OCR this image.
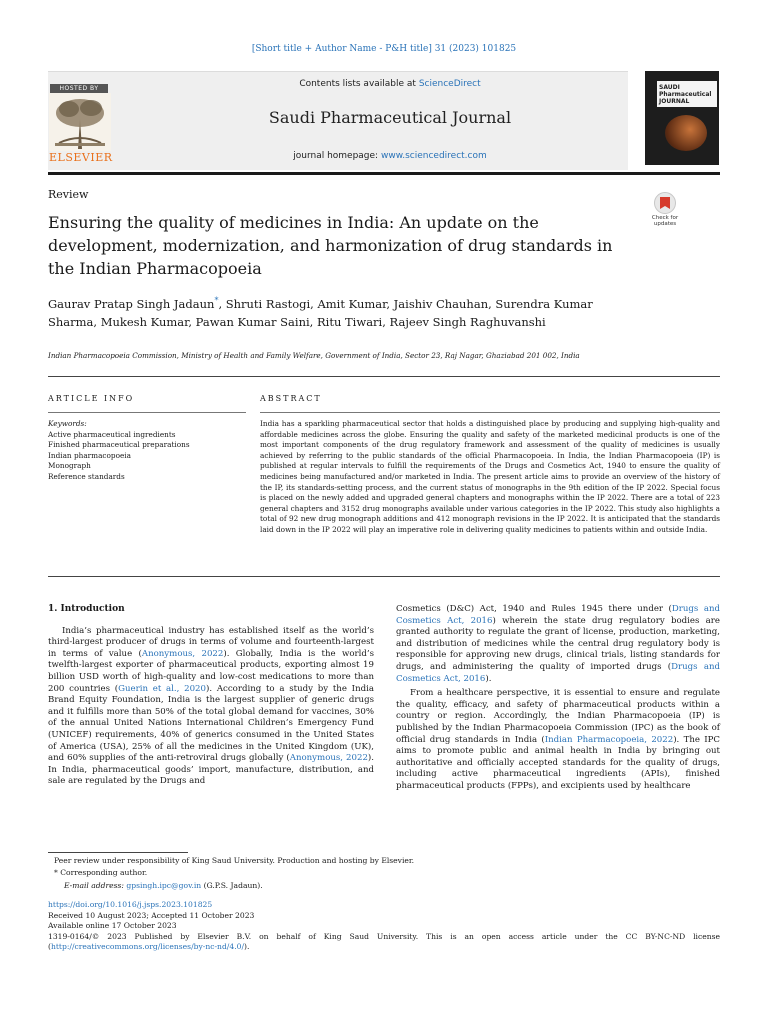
[Short title + Author Name - P&H title] 31 (2023) 101825
HOSTED BY
ELSEVIER
Contents lists available at ScienceDirect
Saudi Pharmaceutical Journal
journal homepage: www.sciencedirect.com
SAUDI Pharmaceutical JOURNAL
Review
Ensuring the quality of medicines in India: An update on the development, modernization, and harmonization of drug standards in the Indian Pharmacopoeia
Check for updates
Gaurav Pratap Singh Jadaun*, Shruti Rastogi, Amit Kumar, Jaishiv Chauhan, Surendra Kumar Sharma, Mukesh Kumar, Pawan Kumar Saini, Ritu Tiwari, Rajeev Singh Raghuvanshi
Indian Pharmacopoeia Commission, Ministry of Health and Family Welfare, Government of India, Sector 23, Raj Nagar, Ghaziabad 201 002, India
ARTICLE INFO	ABSTRACT
Keywords:
Active pharmaceutical ingredients
Finished pharmaceutical preparations
Indian pharmacopoeia
Monograph
Reference standards
India has a sparkling pharmaceutical sector that holds a distinguished place by producing and supplying high-quality and affordable medicines across the globe. Ensuring the quality and safety of the marketed medicinal products is one of the most important components of the drug regulatory framework and assessment of the quality of medicines is usually achieved by referring to the public standards of the official Pharmacopoeia. In India, the Indian Pharmacopoeia (IP) is published at regular intervals to fulfill the requirements of the Drugs and Cosmetics Act, 1940 to ensure the quality of medicines being manufactured and/or marketed in India. The present article aims to provide an overview of the history of the IP, its standards-setting process, and the current status of monographs in the 9th edition of the IP 2022. Special focus is placed on the newly added and upgraded general chapters and monographs within the IP 2022. There are a total of 223 general chapters and 3152 drug monographs available under various categories in the IP 2022. This study also highlights a total of 92 new drug monograph additions and 412 monograph revisions in the IP 2022. It is anticipated that the standards laid down in the IP 2022 will play an imperative role in delivering quality medicines to patients within and outside India.
1. Introduction

India’s pharmaceutical industry has established itself as the world’s third-largest producer of drugs in terms of volume and fourteenth-largest in terms of value (Anonymous, 2022). Globally, India is the world’s twelfth-largest exporter of pharmaceutical products, exporting almost 19 billion USD worth of high-quality and low-cost medications to more than 200 countries (Guerin et al., 2020). According to a study by the India Brand Equity Foundation, India is the largest supplier of generic drugs and it fulfills more than 50% of the total global demand for vaccines, 30% of the annual United Nations International Children’s Emergency Fund (UNICEF) requirements, 40% of generics consumed in the United States of America (USA), 25% of all the medicines in the United Kingdom (UK), and 60% supplies of the anti-retroviral drugs globally (Anonymous, 2022). In India, pharmaceutical goods’ import, manufacture, distribution, and sale are regulated by the Drugs and

Cosmetics (D&C) Act, 1940 and Rules 1945 there under (Drugs and Cosmetics Act, 2016) wherein the state drug regulatory bodies are granted authority to regulate the grant of license, production, marketing, and distribution of medicines while the central drug regulatory body is responsible for approving new drugs, clinical trials, listing standards for drugs, and administering the quality of imported drugs (Drugs and Cosmetics Act, 2016).

From a healthcare perspective, it is essential to ensure and regulate the quality, efficacy, and safety of pharmaceutical products within a country or region. Accordingly, the Indian Pharmacopoeia (IP) is published by the Indian Pharmacopoeia Commission (IPC) as the book of official drug standards in India (Indian Pharmacopoeia, 2022). The IPC aims to promote public and animal health in India by bringing out authoritative and officially accepted standards for the quality of drugs, including active pharmaceutical ingredients (APIs), finished pharmaceutical products (FPPs), and excipients used by healthcare

Peer review under responsibility of King Saud University. Production and hosting by Elsevier.
* Corresponding author.
E-mail address: gpsingh.ipc@gov.in (G.P.S. Jadaun).
https://doi.org/10.1016/j.jsps.2023.101825
Received 10 August 2023; Accepted 11 October 2023
Available online 17 October 2023
1319-0164/© 2023 Published by Elsevier B.V. on behalf of King Saud University. This is an open access article under the CC BY-NC-ND license (http://creativecommons.org/licenses/by-nc-nd/4.0/).
